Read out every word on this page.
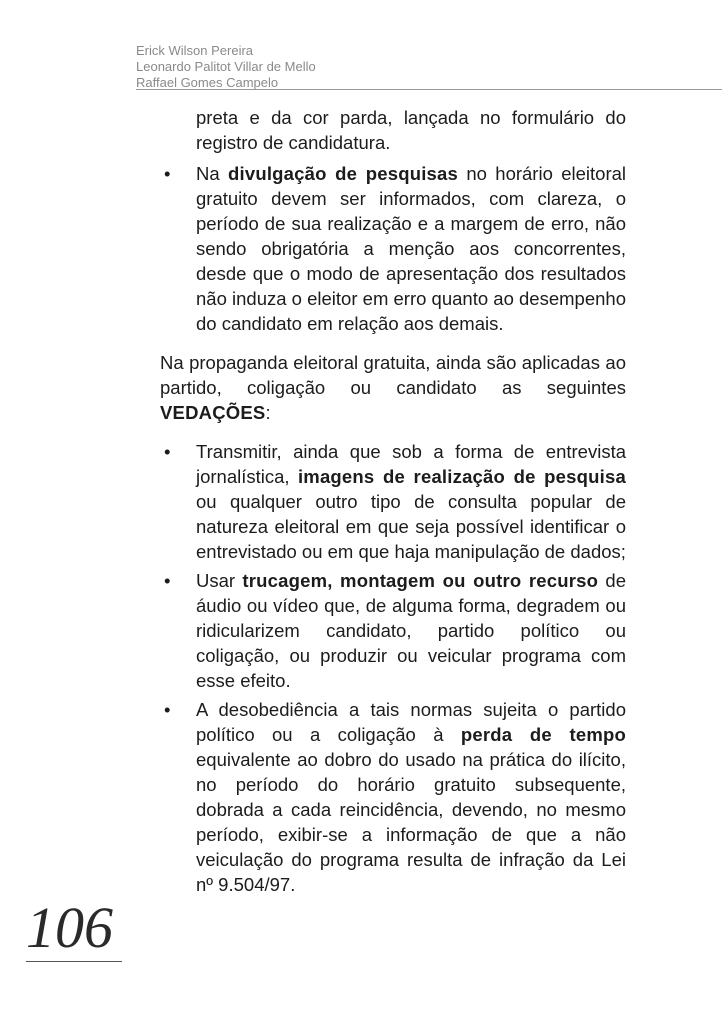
Erick Wilson Pereira
Leonardo Palitot Villar de Mello
Raffael Gomes Campelo

preta e da cor parda, lançada no formulário do registro de candidatura.

• Na divulgação de pesquisas no horário eleitoral gratuito devem ser informados, com clareza, o período de sua realização e a margem de erro, não sendo obrigatória a menção aos concorrentes, desde que o modo de apresentação dos resultados não induza o eleitor em erro quanto ao desempenho do candidato em relação aos demais.

Na propaganda eleitoral gratuita, ainda são aplicadas ao partido, coligação ou candidato as seguintes VEDAÇÕES:

• Transmitir, ainda que sob a forma de entrevista jornalística, imagens de realização de pesquisa ou qualquer outro tipo de consulta popular de natureza eleitoral em que seja possível identificar o entrevistado ou em que haja manipulação de dados;

• Usar trucagem, montagem ou outro recurso de áudio ou vídeo que, de alguma forma, degradem ou ridicularizem candidato, partido político ou coligação, ou produzir ou veicular programa com esse efeito.

• A desobediência a tais normas sujeita o partido político ou a coligação à perda de tempo equivalente ao dobro do usado na prática do ilícito, no período do horário gratuito subsequente, dobrada a cada reincidência, devendo, no mesmo período, exibir-se a informação de que a não veiculação do programa resulta de infração da Lei nº 9.504/97.

106
